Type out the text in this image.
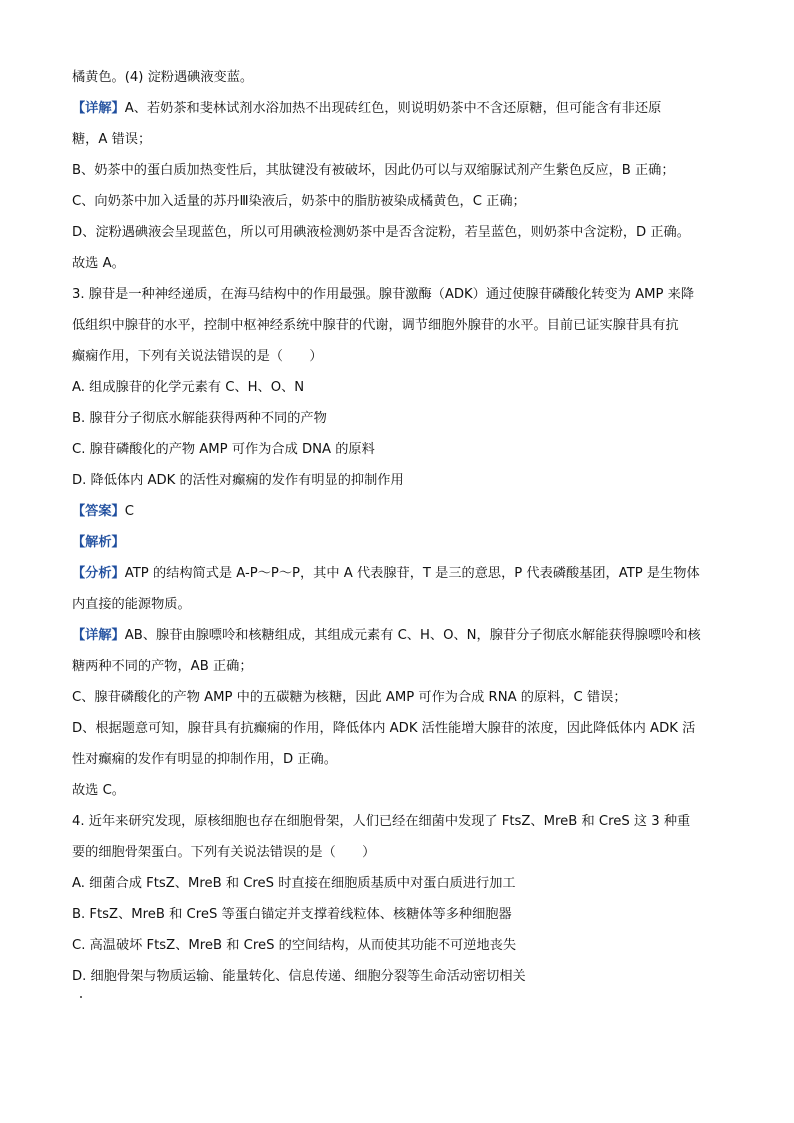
橘黄色。(4) 淀粉遇碘液变蓝。
【详解】A、若奶茶和斐林试剂水浴加热不出现砖红色，则说明奶茶中不含还原糖，但可能含有非还原
糖，A 错误；
B、奶茶中的蛋白质加热变性后，其肽键没有被破坏，因此仍可以与双缩脲试剂产生紫色反应，B 正确；
C、向奶茶中加入适量的苏丹Ⅲ染液后，奶茶中的脂肪被染成橘黄色，C 正确；
D、淀粉遇碘液会呈现蓝色，所以可用碘液检测奶茶中是否含淀粉，若呈蓝色，则奶茶中含淀粉，D 正确。
故选 A。
3. 腺苷是一种神经递质，在海马结构中的作用最强。腺苷激酶（ADK）通过使腺苷磷酸化转变为 AMP 来降
低组织中腺苷的水平，控制中枢神经系统中腺苷的代谢，调节细胞外腺苷的水平。目前已证实腺苷具有抗
癫痫作用，下列有关说法错误的是（　　）
A. 组成腺苷的化学元素有 C、H、O、N
B. 腺苷分子彻底水解能获得两种不同的产物
C. 腺苷磷酸化的产物 AMP 可作为合成 DNA 的原料
D. 降低体内 ADK 的活性对癫痫的发作有明显的抑制作用
【答案】C
【解析】
【分析】ATP 的结构简式是 A-P～P～P，其中 A 代表腺苷，T 是三的意思，P 代表磷酸基团，ATP 是生物体
内直接的能源物质。
【详解】AB、腺苷由腺嘌呤和核糖组成，其组成元素有 C、H、O、N，腺苷分子彻底水解能获得腺嘌呤和核
糖两种不同的产物，AB 正确；
C、腺苷磷酸化的产物 AMP 中的五碳糖为核糖，因此 AMP 可作为合成 RNA 的原料，C 错误；
D、根据题意可知，腺苷具有抗癫痫的作用，降低体内 ADK 活性能增大腺苷的浓度，因此降低体内 ADK 活
性对癫痫的发作有明显的抑制作用，D 正确。
故选 C。
4. 近年来研究发现，原核细胞也存在细胞骨架，人们已经在细菌中发现了 FtsZ、MreB 和 CreS 这 3 种重
要的细胞骨架蛋白。下列有关说法错误的是（　　）
A. 细菌合成 FtsZ、MreB 和 CreS 时直接在细胞质基质中对蛋白质进行加工
B. FtsZ、MreB 和 CreS 等蛋白锚定并支撑着线粒体、核糖体等多种细胞器
C. 高温破坏 FtsZ、MreB 和 CreS 的空间结构，从而使其功能不可逆地丧失
D. 细胞骨架与物质运输、能量转化、信息传递、细胞分裂等生命活动密切相关
